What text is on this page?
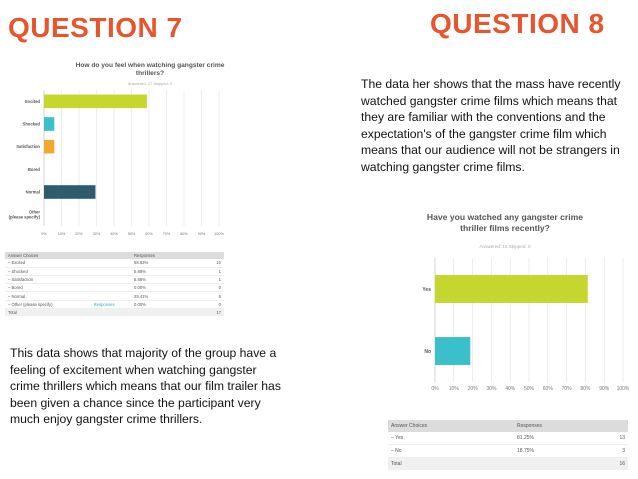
QUESTION 7	QUESTION 8
The data her shows that the mass have recently watched gangster crime films which means that they are familiar with the conventions and the expectation's of the gangster crime film which means that our audience will not be strangers in watching gangster crime films.
This data shows that majority of the group have a feeling of excitement when watching gangster crime thrillers which means that our film trailer has been given a chance since the participant very much enjoy gangster crime thrillers.
How do you feel when watching gangster crime thrillers?
Answered: 17 Skipped: 0
0%	10%	20%	30%	40%	50%	60%	70%	80%	90% 100%
Excited
Shocked
Satisfaction
Bored
Normal
Other
(please specify)	Have you watched any gangster crime thriller films recently?
Answered: 16 Skipped: 0
0% 10% 20% 30% 40% 50% 60% 70% 80% 90% 100%
Yes
No
Answer Choices	Responses	
– Excited	58.83%	10
– Shocked	5.88%	1
– Satisfaction	5.88%	1
– Bored	0.00%	0
– Normal	29.41%	5
– Other (please specify) Responses	0.00%	0
Total		17
Answer Choices	Responses	
– Yes	81.25%	13
– No	18.75%	3
Total		16
